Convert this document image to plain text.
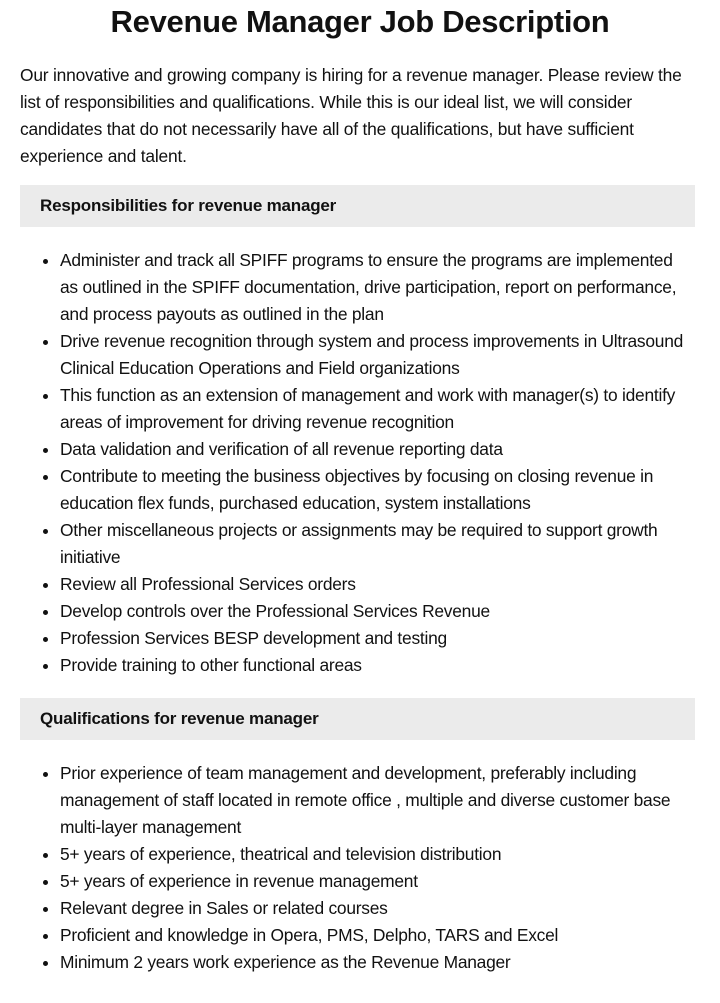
Revenue Manager Job Description

Our innovative and growing company is hiring for a revenue manager. Please review the list of responsibilities and qualifications. While this is our ideal list, we will consider candidates that do not necessarily have all of the qualifications, but have sufficient experience and talent.

Responsibilities for revenue manager
• Administer and track all SPIFF programs to ensure the programs are implemented as outlined in the SPIFF documentation, drive participation, report on performance, and process payouts as outlined in the plan
• Drive revenue recognition through system and process improvements in Ultrasound Clinical Education Operations and Field organizations
• This function as an extension of management and work with manager(s) to identify areas of improvement for driving revenue recognition
• Data validation and verification of all revenue reporting data
• Contribute to meeting the business objectives by focusing on closing revenue in education flex funds, purchased education, system installations
• Other miscellaneous projects or assignments may be required to support growth initiative
• Review all Professional Services orders
• Develop controls over the Professional Services Revenue
• Profession Services BESP development and testing
• Provide training to other functional areas
Qualifications for revenue manager
• Prior experience of team management and development, preferably including management of staff located in remote office , multiple and diverse customer base multi-layer management
• 5+ years of experience, theatrical and television distribution
• 5+ years of experience in revenue management
• Relevant degree in Sales or related courses
• Proficient and knowledge in Opera, PMS, Delpho, TARS and Excel
• Minimum 2 years work experience as the Revenue Manager
